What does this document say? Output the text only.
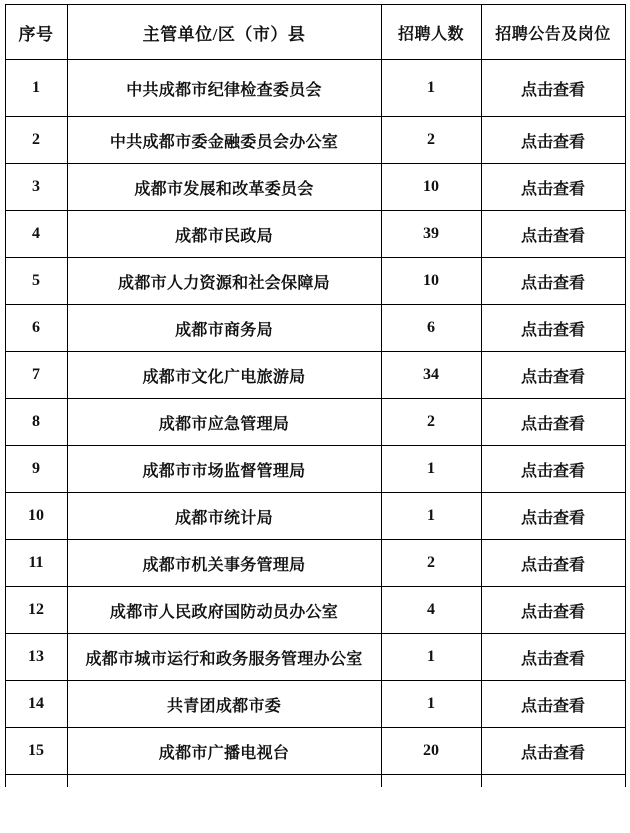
序号	主管单位/区（市）县	招聘人数	招聘公告及岗位
1	中共成都市纪律检查委员会	1	点击查看
2	中共成都市委金融委员会办公室	2	点击查看
3	成都市发展和改革委员会	10	点击查看
4	成都市民政局	39	点击查看
5	成都市人力资源和社会保障局	10	点击查看
6	成都市商务局	6	点击查看
7	成都市文化广电旅游局	34	点击查看
8	成都市应急管理局	2	点击查看
9	成都市市场监督管理局	1	点击查看
10	成都市统计局	1	点击查看
11	成都市机关事务管理局	2	点击查看
12	成都市人民政府国防动员办公室	4	点击查看
13	成都市城市运行和政务服务管理办公室	1	点击查看
14	共青团成都市委	1	点击查看
15	成都市广播电视台	20	点击查看
